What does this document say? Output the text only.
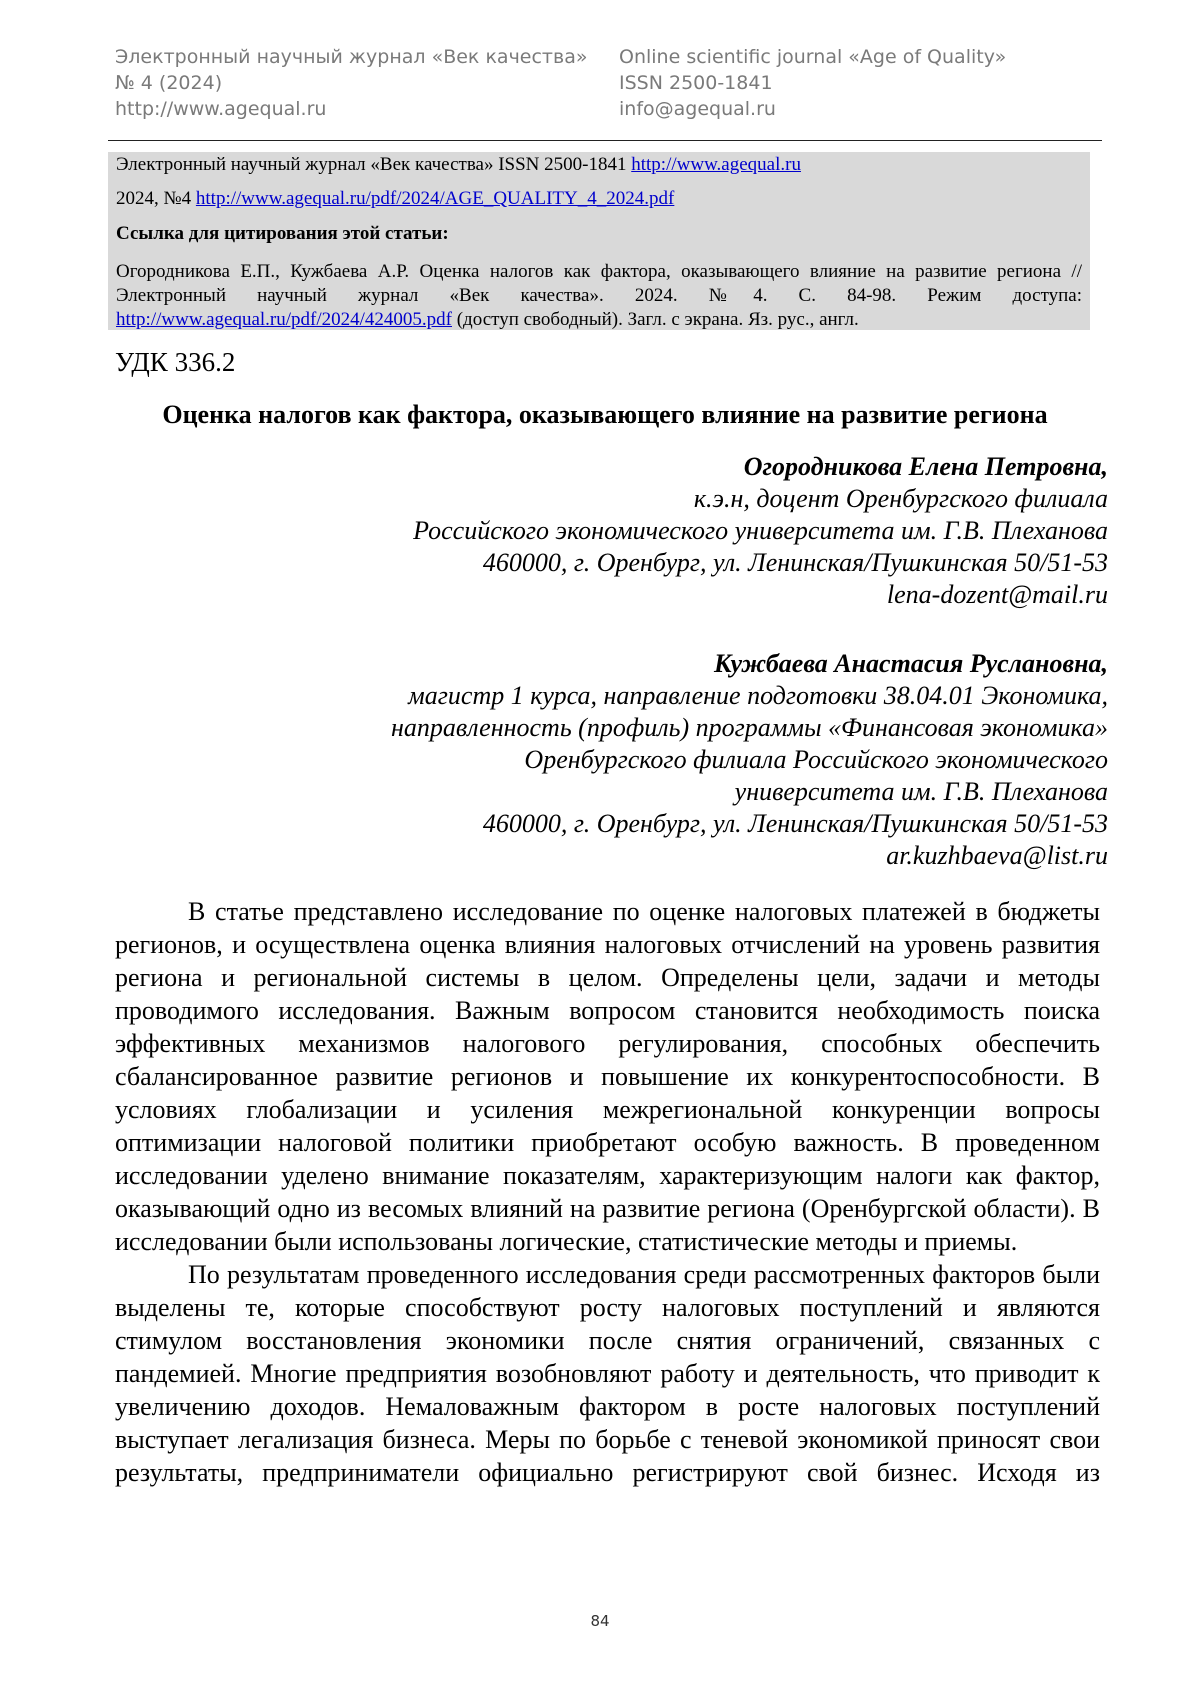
Электронный научный журнал «Век качества»
№ 4 (2024)
http://www.agequal.ru
Online scientific journal «Age of Quality»
ISSN 2500-1841
info@agequal.ru
Электронный научный журнал «Век качества» ISSN 2500-1841 http://www.agequal.ru
2024, №4 http://www.agequal.ru/pdf/2024/AGE_QUALITY_4_2024.pdf
Ссылка для цитирования этой статьи:
Огородникова Е.П., Кужбаева А.Р. Оценка налогов как фактора, оказывающего влияние на развитие региона // Электронный научный журнал «Век качества». 2024. №4. С. 84-98. Режим доступа: http://www.agequal.ru/pdf/2024/424005.pdf (доступ свободный). Загл. с экрана. Яз. рус., англ.
УДК 336.2
Оценка налогов как фактора, оказывающего влияние на развитие региона
Огородникова Елена Петровна,
к.э.н, доцент Оренбургского филиала
Российского экономического университета им. Г.В. Плеханова
460000, г. Оренбург, ул. Ленинская/Пушкинская 50/51-53
lena-dozent@mail.ru
Кужбаева Анастасия Руслановна,
магистр 1 курса, направление подготовки 38.04.01 Экономика,
направленность (профиль) программы «Финансовая экономика»
Оренбургского филиала Российского экономического
университета им. Г.В. Плеханова
460000, г. Оренбург, ул. Ленинская/Пушкинская 50/51-53
ar.kuzhbaeva@list.ru

В статье представлено исследование по оценке налоговых платежей в бюджеты регионов, и осуществлена оценка влияния налоговых отчислений на уровень развития региона и региональной системы в целом. Определены цели, задачи и методы проводимого исследования. Важным вопросом становится необходимость поиска эффективных механизмов налогового регулирования, способных обеспечить сбалансированное развитие регионов и повышение их конкурентоспособности. В условиях глобализации и усиления межрегиональной конкуренции вопросы оптимизации налоговой политики приобретают особую важность. В проведенном исследовании уделено внимание показателям, характеризующим налоги как фактор, оказывающий одно из весомых влияний на развитие региона (Оренбургской области). В исследовании были использованы логические, статистические методы и приемы.

По результатам проведенного исследования среди рассмотренных факторов были выделены те, которые способствуют росту налоговых поступлений и являются стимулом восстановления экономики после снятия ограничений, связанных с пандемией. Многие предприятия возобновляют работу и деятельность, что приводит к увеличению доходов. Немаловажным фактором в росте налоговых поступлений выступает легализация бизнеса. Меры по борьбе с теневой экономикой приносят свои результаты, предприниматели официально регистрируют свой бизнес. Исходя из

84
